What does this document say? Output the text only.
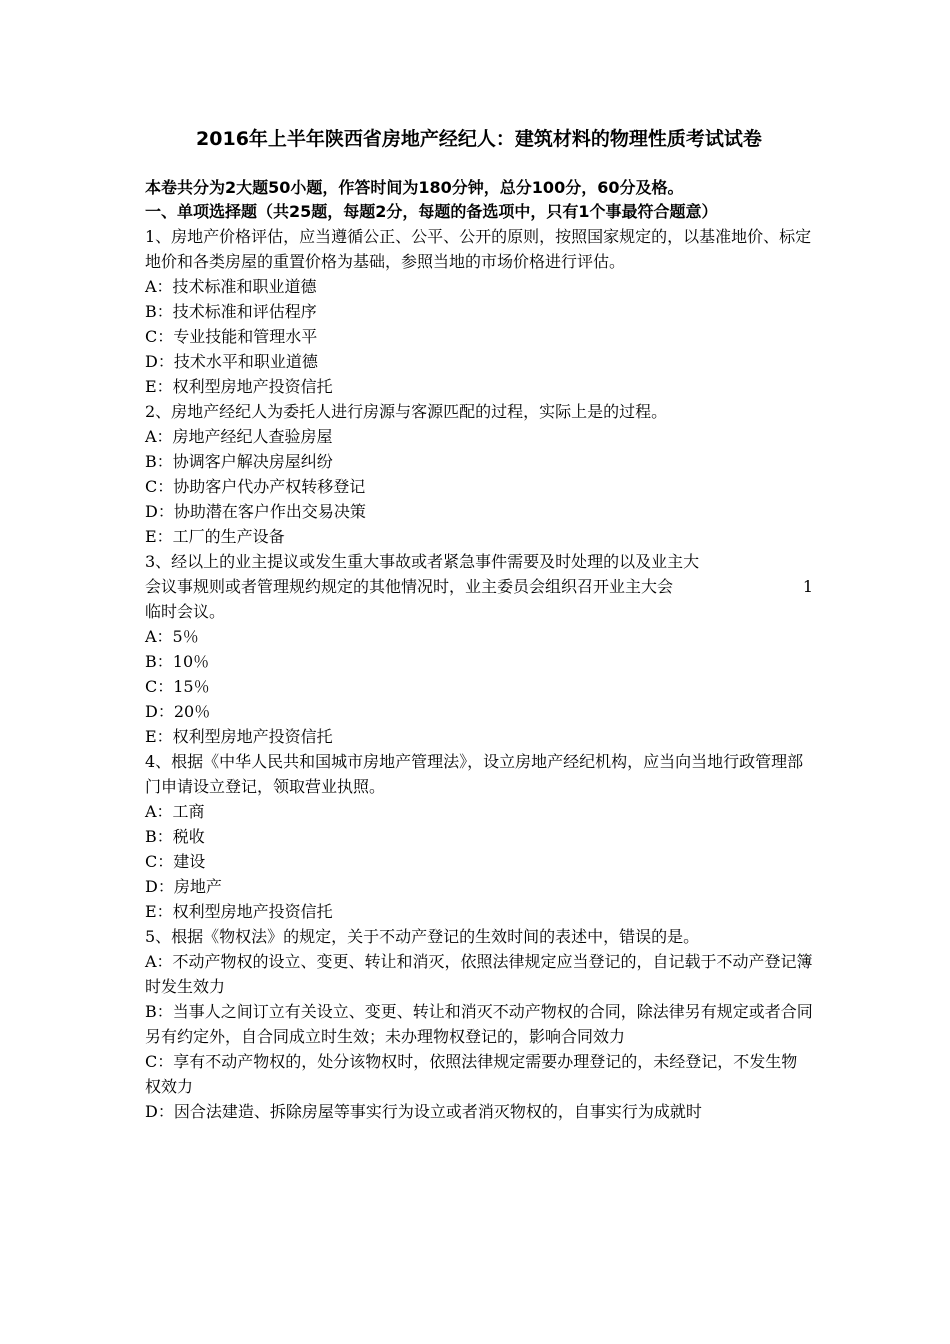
2016年上半年陕西省房地产经纪人：建筑材料的物理性质考试试卷

本卷共分为2大题50小题，作答时间为180分钟，总分100分，60分及格。

一、单项选择题（共25题，每题2分，每题的备选项中，只有1个事最符合题意）

1、房地产价格评估，应当遵循公正、公平、公开的原则，按照国家规定的，以基准地价、标定地价和各类房屋的重置价格为基础，参照当地的市场价格进行评估。

A：技术标准和职业道德

B：技术标准和评估程序

C：专业技能和管理水平

D：技术水平和职业道德

E：权利型房地产投资信托

2、房地产经纪人为委托人进行房源与客源匹配的过程，实际上是的过程。

A：房地产经纪人查验房屋

B：协调客户解决房屋纠纷

C：协助客户代办产权转移登记

D：协助潜在客户作出交易决策

E：工厂的生产设备

3、经以上的业主提议或发生重大事故或者紧急事件需要及时处理的以及业主大

会议事规则或者管理规约规定的其他情况时，业主委员会组织召开业主大会	1

临时会议。

A：5％

B：10％

C：15％

D：20％

E：权利型房地产投资信托

4、根据《中华人民共和国城市房地产管理法》，设立房地产经纪机构，应当向当地行政管理部门申请设立登记，领取营业执照。

A：工商

B：税收

C：建设

D：房地产

E：权利型房地产投资信托

5、根据《物权法》的规定，关于不动产登记的生效时间的表述中，错误的是。

A：不动产物权的设立、变更、转让和消灭，依照法律规定应当登记的，自记载于不动产登记簿时发生效力

B：当事人之间订立有关设立、变更、转让和消灭不动产物权的合同，除法律另有规定或者合同另有约定外，自合同成立时生效；未办理物权登记的，影响合同效力

C：享有不动产物权的，处分该物权时，依照法律规定需要办理登记的，未经登记，不发生物权效力

D：因合法建造、拆除房屋等事实行为设立或者消灭物权的，自事实行为成就时
